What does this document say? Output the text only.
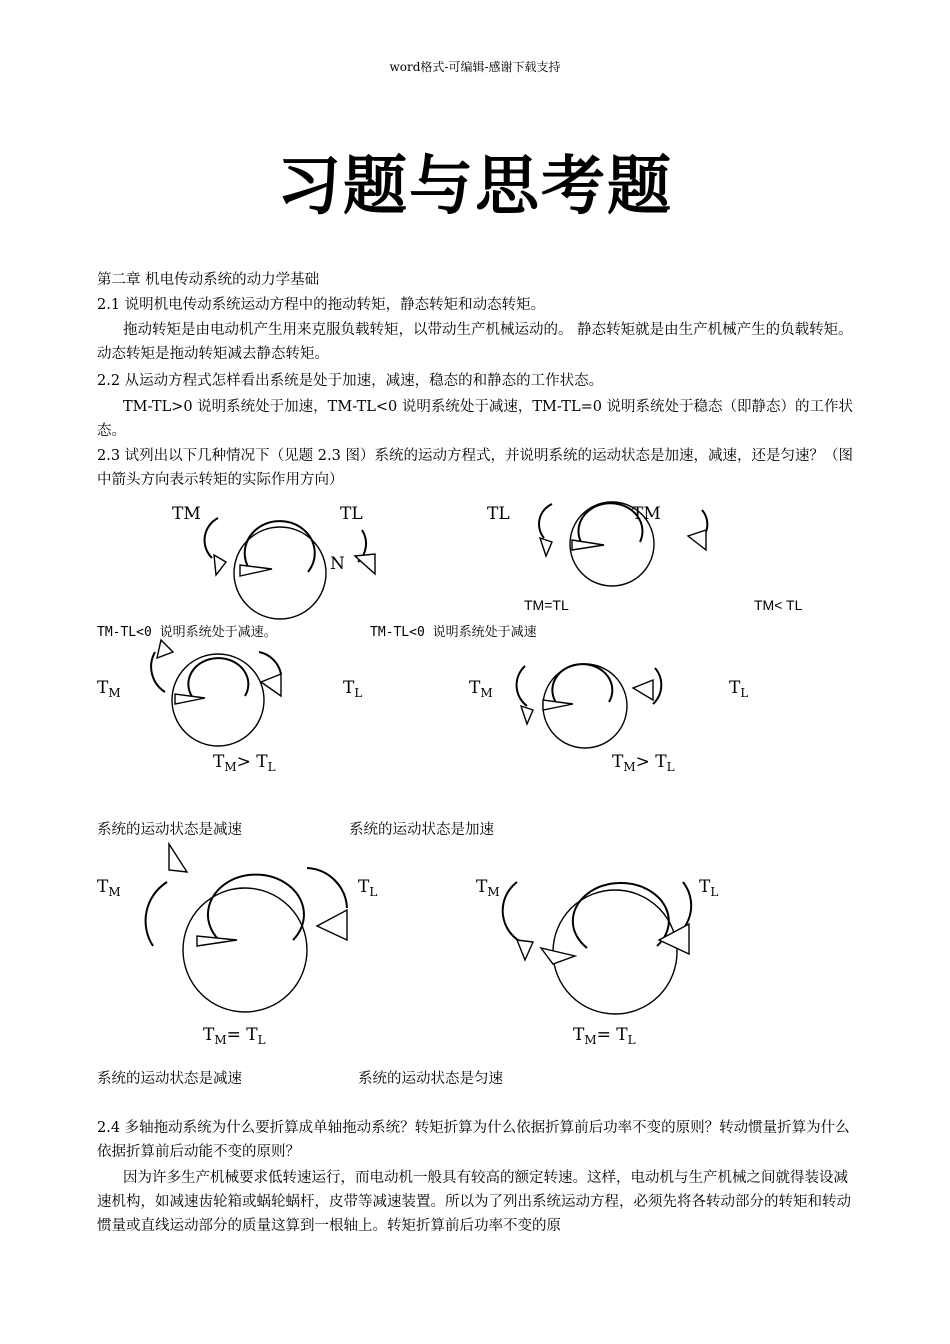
word格式-可编辑-感谢下载支持
习题与思考题
第二章 机电传动系统的动力学基础
2.1 说明机电传动系统运动方程中的拖动转矩，静态转矩和动态转矩。
拖动转矩是由电动机产生用来克服负载转矩，以带动生产机械运动的。 静态转矩就是由生产机械产生的负载转矩。动态转矩是拖动转矩减去静态转矩。
2.2 从运动方程式怎样看出系统是处于加速，减速，稳态的和静态的工作状态。
TM-TL>0 说明系统处于加速，TM-TL<0 说明系统处于减速，TM-TL=0 说明系统处于稳态（即静态）的工作状态。
2.3 试列出以下几种情况下（见题 2.3 图）系统的运动方程式，并说明系统的运动状态是加速，减速，还是匀速？（图中箭头方向表示转矩的实际作用方向）
TM	TL
N
TL	TM
TM=TL	TM< TL
TM-TL<0 说明系统处于减速。	TM-TL<0 说明系统处于减速
$T_M$	$T_L$
$T_M> T_L$
$T_M$	$T_L$
$T_M> T_L$
系统的运动状态是减速	系统的运动状态是加速
$T_M$	$T_L$
$T_M= T_L$
$T_M$	$T_L$
$T_M= T_L$
系统的运动状态是减速	系统的运动状态是匀速
2.4 多轴拖动系统为什么要折算成单轴拖动系统？转矩折算为什么依据折算前后功率不变的原则？转动惯量折算为什么依据折算前后动能不变的原则？
因为许多生产机械要求低转速运行，而电动机一般具有较高的额定转速。这样，电动机与生产机械之间就得装设减速机构，如减速齿轮箱或蜗轮蜗杆，皮带等减速装置。所以为了列出系统运动方程，必须先将各转动部分的转矩和转动惯量或直线运动部分的质量这算到一根轴上。转矩折算前后功率不变的原
